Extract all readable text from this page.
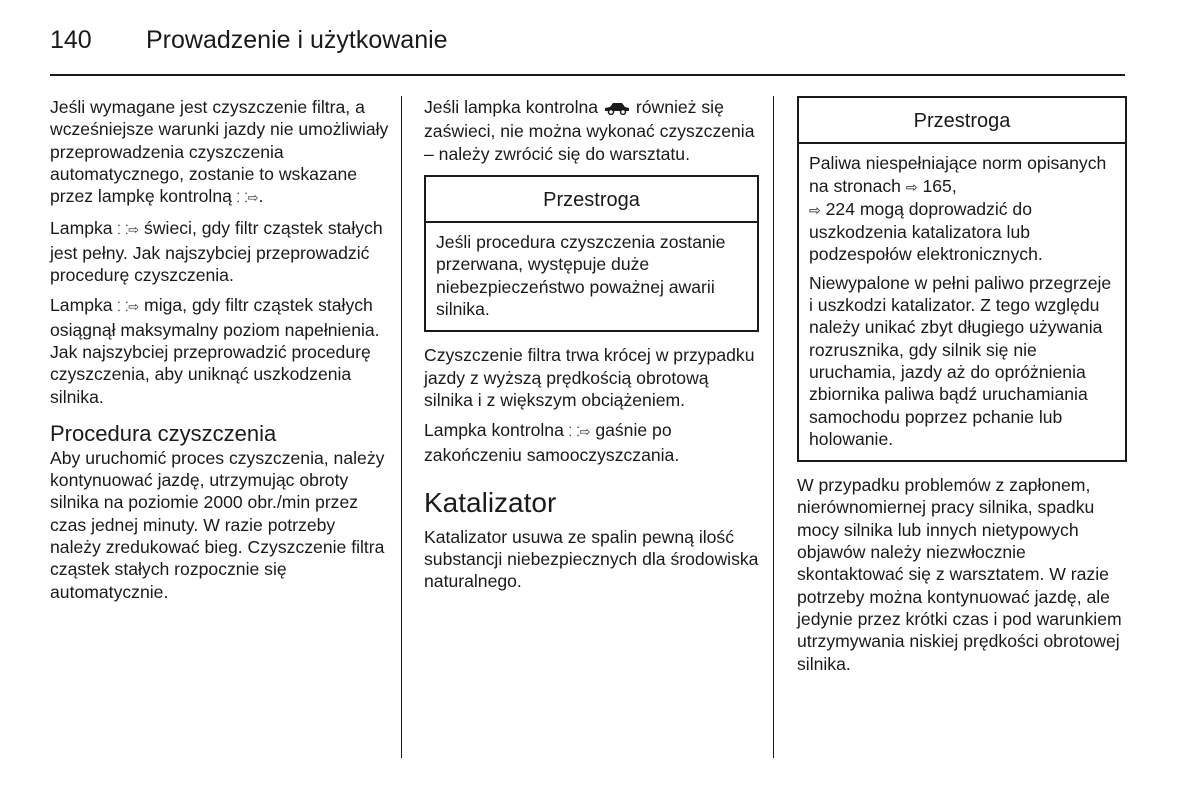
140 Prowadzenie i użytkowanie

Jeśli wymagane jest czyszczenie filtra, a wcześniejsze warunki jazdy nie umożliwiały przeprowadzenia czyszczenia automatycznego, zostanie to wskazane przez lampkę kontrolną ⸬⇨.

Lampka ⸬⇨ świeci, gdy filtr cząstek stałych jest pełny. Jak najszybciej przeprowadzić procedurę czyszczenia.

Lampka ⸬⇨ miga, gdy filtr cząstek stałych osiągnął maksymalny poziom napełnienia. Jak najszybciej przeprowadzić procedurę czyszczenia, aby uniknąć uszkodzenia silnika.

Procedura czyszczenia

Aby uruchomić proces czyszczenia, należy kontynuować jazdę, utrzymując obroty silnika na poziomie 2000 obr./min przez czas jednej minuty. W razie potrzeby należy zredukować bieg. Czyszczenie filtra cząstek stałych rozpocznie się automatycznie.

Jeśli lampka kontrolna również się zaświeci, nie można wykonać czyszczenia – należy zwrócić się do warsztatu.

Przestroga

Jeśli procedura czyszczenia zostanie przerwana, występuje duże niebezpieczeństwo poważnej awarii silnika.

Czyszczenie filtra trwa krócej w przypadku jazdy z wyższą prędkością obrotową silnika i z większym obciążeniem.

Lampka kontrolna ⸬⇨ gaśnie po zakończeniu samooczyszczania.

Katalizator

Katalizator usuwa ze spalin pewną ilość substancji niebezpiecznych dla środowiska naturalnego.

Przestroga

Paliwa niespełniające norm opisanych na stronach ⇨ 165,
⇨ 224 mogą doprowadzić do uszkodzenia katalizatora lub podzespołów elektronicznych.

Niewypalone w pełni paliwo przegrzeje i uszkodzi katalizator. Z tego względu należy unikać zbyt długiego używania rozrusznika, gdy silnik się nie uruchamia, jazdy aż do opróżnienia zbiornika paliwa bądź uruchamiania samochodu poprzez pchanie lub holowanie.

W przypadku problemów z zapłonem, nierównomiernej pracy silnika, spadku mocy silnika lub innych nietypowych objawów należy niezwłocznie skontaktować się z warsztatem. W razie potrzeby można kontynuować jazdę, ale jedynie przez krótki czas i pod warunkiem utrzymywania niskiej prędkości obrotowej silnika.
